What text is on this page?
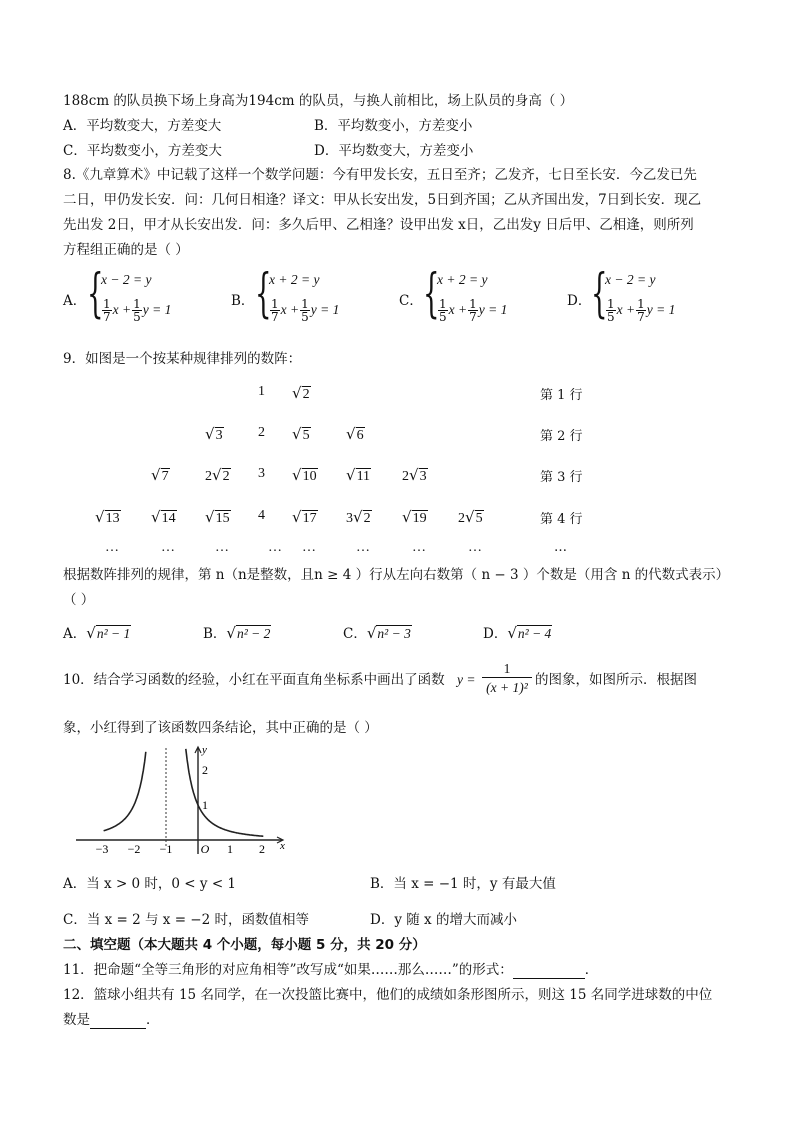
188cm 的队员换下场上身高为194cm 的队员，与换人前相比，场上队员的身高（ ）
A．平均数变大，方差变大	B．平均数变小，方差变小
C．平均数变小，方差变大	D．平均数变大，方差变小
8.《九章算术》中记载了这样一个数学问题：今有甲发长安，五日至齐；乙发齐，七日至长安．今乙发已先
二日，甲仍发长安．问：几何日相逢？译文：甲从长安出发，5日到齐国；乙从齐国出发，7日到长安．现乙
先出发 2日，甲才从长安出发．问：多久后甲、乙相逢？设甲出发 x日，乙出发y 日后甲、乙相逢，则所列
方程组正确的是（ ）
A． {
x − 2 = y
$\frac{1}{7}$ $x + \frac{1}{5}$ y = 1
B． {
x + 2 = y
$\frac{1}{7}$ $x + \frac{1}{5}$ y = 1
C． {
x + 2 = y
$\frac{1}{5}$ $x + \frac{1}{7}$ y = 1
D． {
x − 2 = y
$\frac{1}{5}$ $x + \frac{1}{7}$ y = 1
9．如图是一个按某种规律排列的数阵：
1 √2	第 1 行
√3	2 √5 √6	第 2 行
√7	2√2 3 √10 √11 2√3	第 3 行
√13 √14 √15 4 √17 3√2 √19 2√5	第 4 行
…	…	…	… …	…	…	…	…
根据数阵排列的规律，第 n（n是整数，且n ≥ 4 ）行从左向右数第（ n − 3 ）个数是（用含 n 的代数式表示）
（ ）
10．结合学习函数的经验，小红在平面直角坐标系中画出了函数 $y = \frac{1}{\text{(x + 1)²}}$ 的图象，如图所示．根据图
象，小红得到了该函数四条结论，其中正确的是（ ）
−3 −2 −1 O 1 2
1
2
x
y
A．当 x > 0 时，0 < y < 1	B．当 x = −1 时，y 有最大值
C．当 x = 2 与 x = −2 时，函数值相等	D．y 随 x 的增大而减小
二、填空题（本大题共 4 个小题，每小题 5 分，共 20 分）
11．把命题“全等三角形的对应角相等”改写成“如果……那么……”的形式：	．
12．篮球小组共有 15 名同学，在一次投篮比赛中，他们的成绩如条形图所示，则这 15 名同学进球数的中位
数是	．
A．√n² − 1	B．√n² − 2	C．√n² − 3	D．√n² − 4
